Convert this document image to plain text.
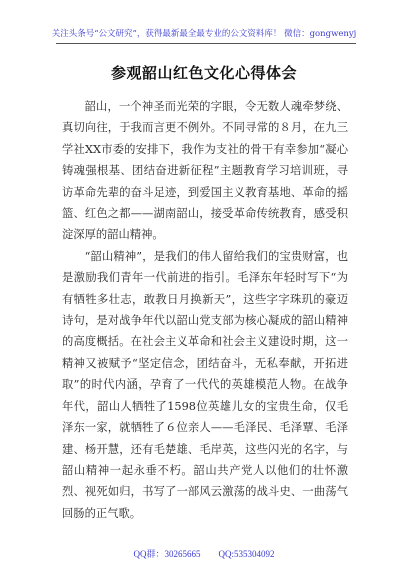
关注头条号“公文研究”，获得最新最全最专业的公文资料库！ 微信：gongwenyj
参观韶山红色文化心得体会

韶山，一个神圣而光荣的字眼，令无数人魂牵梦绕、真切向往，于我而言更不例外。不同寻常的８月，在九三学社XX市委的安排下，我作为支社的骨干有幸参加“凝心铸魂强根基、团结奋进新征程”主题教育学习培训班，寻访革命先辈的奋斗足迹，到爱国主义教育基地、革命的摇篮、红色之都——湖南韶山，接受革命传统教育，感受积淀深厚的韶山精神。

“韶山精神”，是我们的伟人留给我们的宝贵财富，也是激励我们青年一代前进的指引。毛泽东年轻时写下“为有牺牲多壮志，敢教日月换新天”，这些字字珠玑的豪迈诗句，是对战争年代以韶山党支部为核心凝成的韶山精神的高度概括。在社会主义革命和社会主义建设时期，这一精神又被赋予“坚定信念，团结奋斗，无私奉献，开拓进取”的时代内涵，孕育了一代代的英雄模范人物。在战争年代，韶山人牺牲了1598位英雄儿女的宝贵生命，仅毛泽东一家，就牺牲了６位亲人——毛泽民、毛泽覃、毛泽建、杨开慧，还有毛楚雄、毛岸英，这些闪光的名字，与韶山精神一起永垂不朽。韶山共产党人以他们的壮怀激烈、视死如归，书写了一部风云激荡的战斗史、一曲荡气回肠的正气歌。

QQ群：30265665        QQ:535304092
